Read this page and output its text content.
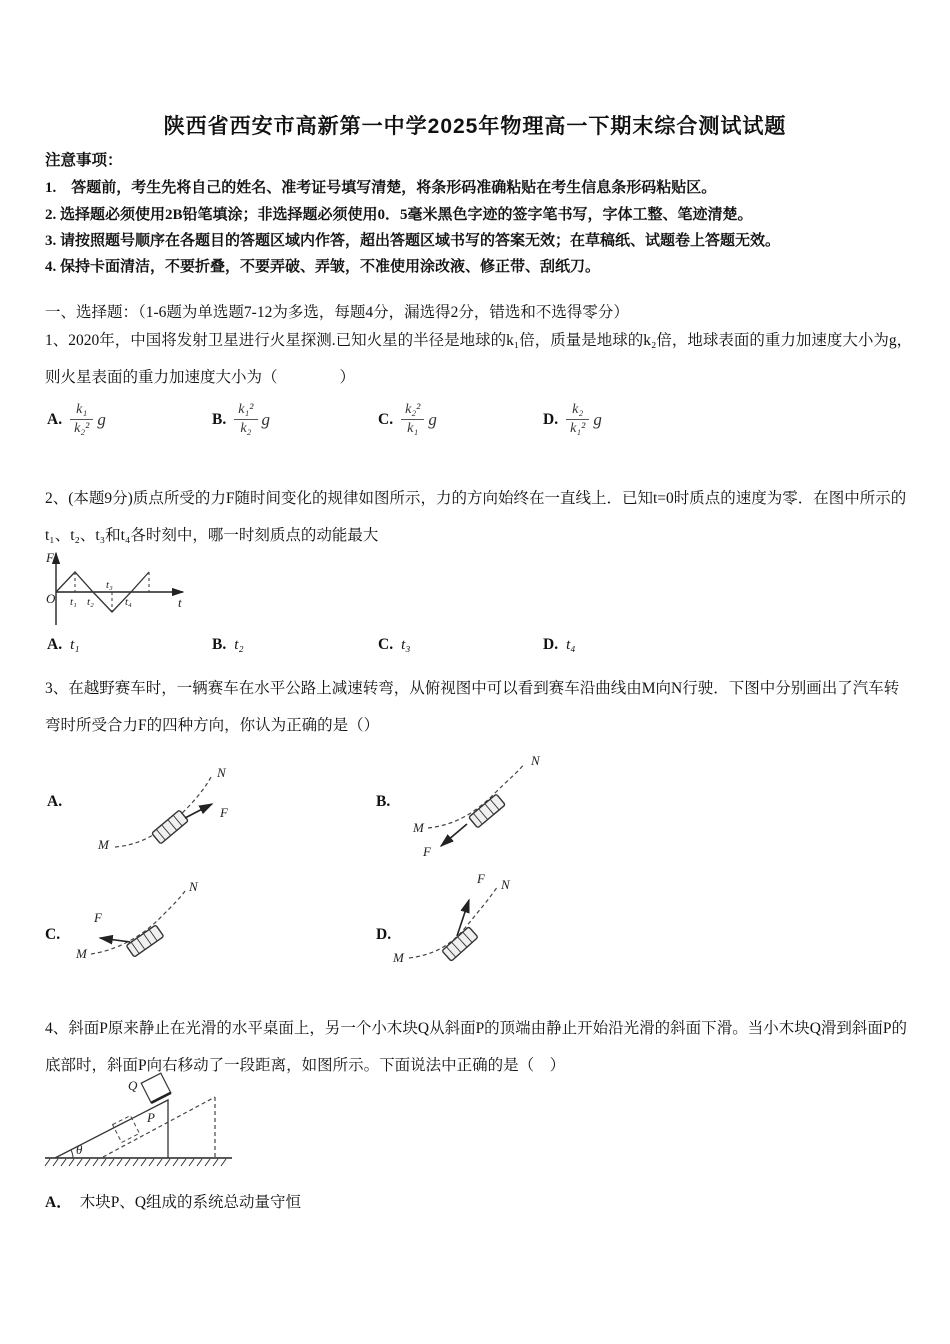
陕西省西安市高新第一中学2025年物理高一下期末综合测试试题
注意事项：
1.　答题前，考生先将自己的姓名、准考证号填写清楚，将条形码准确粘贴在考生信息条形码粘贴区。
2. 选择题必须使用2B铅笔填涂；非选择题必须使用0．5毫米黑色字迹的签字笔书写，字体工整、笔迹清楚。
3. 请按照题号顺序在各题目的答题区域内作答，超出答题区域书写的答案无效；在草稿纸、试题卷上答题无效。
4. 保持卡面清洁，不要折叠，不要弄破、弄皱，不准使用涂改液、修正带、刮纸刀。
一、选择题：（1-6题为单选题7-12为多选，每题4分，漏选得2分，错选和不选得零分）
1、2020年，中国将发射卫星进行火星探测.已知火星的半径是地球的k₁倍，质量是地球的k₂倍，地球表面的重力加速度大小为g，则火星表面的重力加速度大小为（　　　　）
A. $\frac{\text{k₁}}{\text{k₂²}}$ g	B. $\frac{\text{k₁²}}{\text{k₂}}$ g	C. $\frac{\text{k₂²}}{\text{k₁}}$ g	D. $\frac{\text{k₂}}{\text{k₁²}}$ g
2、(本题9分)质点所受的力F随时间变化的规律如图所示，力的方向始终在一直线上．已知t=0时质点的速度为零．在图中所示的t₁、t₂、t₃和t₄各时刻中，哪一时刻质点的动能最大
F
O	t
t₁ t₂
t₃
t₄
A. t₁	B. t₂	C. t₃	D. t₄
3、在越野赛车时，一辆赛车在水平公路上减速转弯，从俯视图中可以看到赛车沿曲线由M向N行驶．下图中分别画出了汽车转弯时所受合力F的四种方向，你认为正确的是（）
A.	B.
C.	D.
M
N
F
M
N
F
M
N
F
M
N
F
4、斜面P原来静止在光滑的水平桌面上，另一个小木块Q从斜面P的顶端由静止开始沿光滑的斜面下滑。当小木块Q滑到斜面P的底部时，斜面P向右移动了一段距离，如图所示。下面说法中正确的是（　）
Q
P
θ
A． 木块P、Q组成的系统总动量守恒
